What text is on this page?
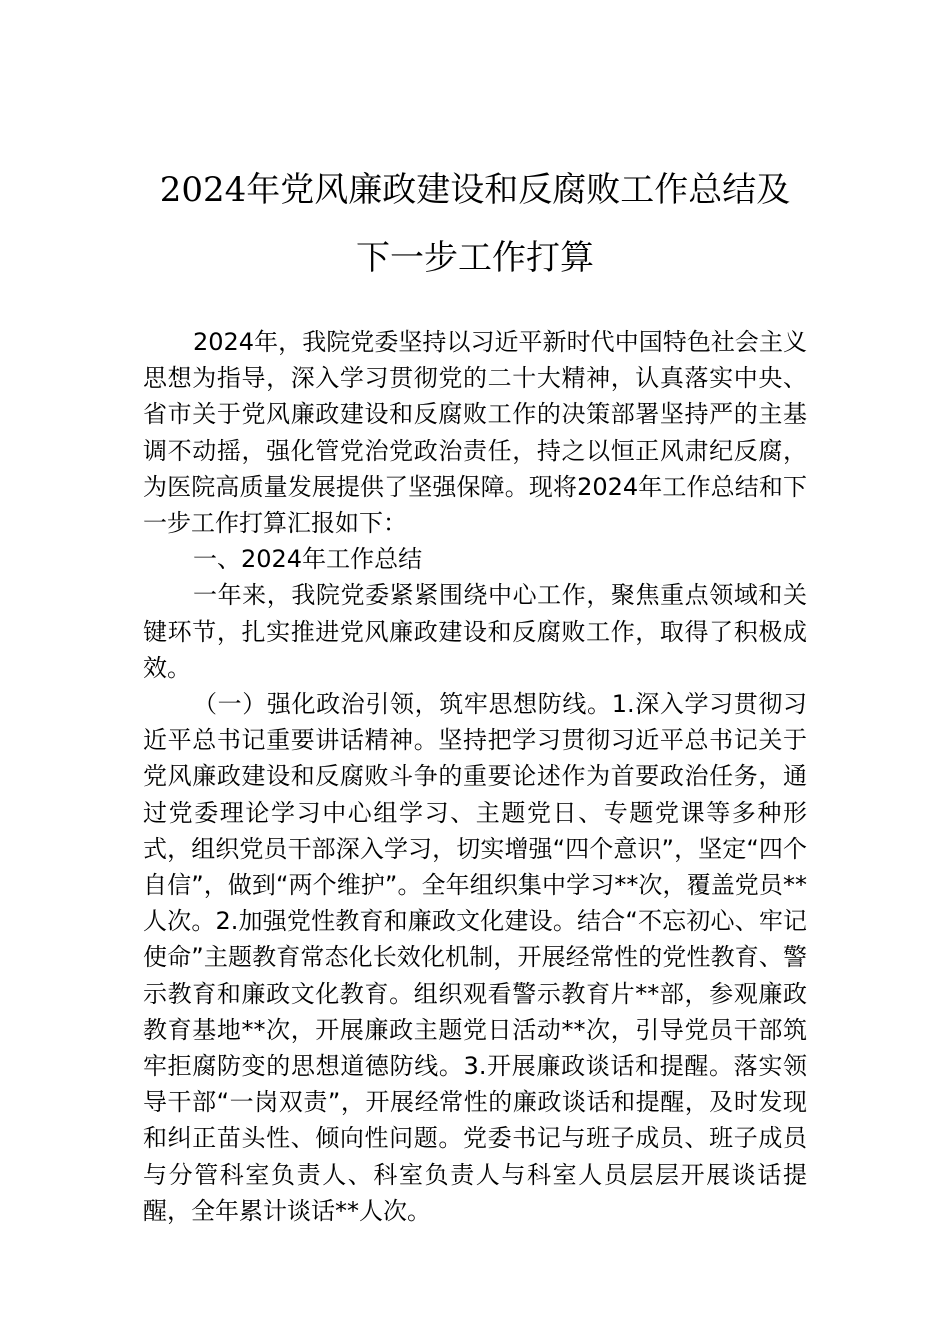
2024年党风廉政建设和反腐败工作总结及
下一步工作打算

2024年，我院党委坚持以习近平新时代中国特色社会主义思想为指导，深入学习贯彻党的二十大精神，认真落实中央、省市关于党风廉政建设和反腐败工作的决策部署坚持严的主基调不动摇，强化管党治党政治责任，持之以恒正风肃纪反腐，为医院高质量发展提供了坚强保障。现将2024年工作总结和下一步工作打算汇报如下：

一、2024年工作总结

一年来，我院党委紧紧围绕中心工作，聚焦重点领域和关键环节，扎实推进党风廉政建设和反腐败工作，取得了积极成效。

（一）强化政治引领，筑牢思想防线。1.深入学习贯彻习近平总书记重要讲话精神。坚持把学习贯彻习近平总书记关于党风廉政建设和反腐败斗争的重要论述作为首要政治任务，通过党委理论学习中心组学习、主题党日、专题党课等多种形式，组织党员干部深入学习，切实增强“四个意识”，坚定“四个自信”，做到“两个维护”。全年组织集中学习**次，覆盖党员**人次。2.加强党性教育和廉政文化建设。结合“不忘初心、牢记使命”主题教育常态化长效化机制，开展经常性的党性教育、警示教育和廉政文化教育。组织观看警示教育片**部，参观廉政教育基地**次，开展廉政主题党日活动**次，引导党员干部筑牢拒腐防变的思想道德防线。3.开展廉政谈话和提醒。落实领导干部“一岗双责”，开展经常性的廉政谈话和提醒，及时发现和纠正苗头性、倾向性问题。党委书记与班子成员、班子成员与分管科室负责人、科室负责人与科室人员层层开展谈话提醒，全年累计谈话**人次。
